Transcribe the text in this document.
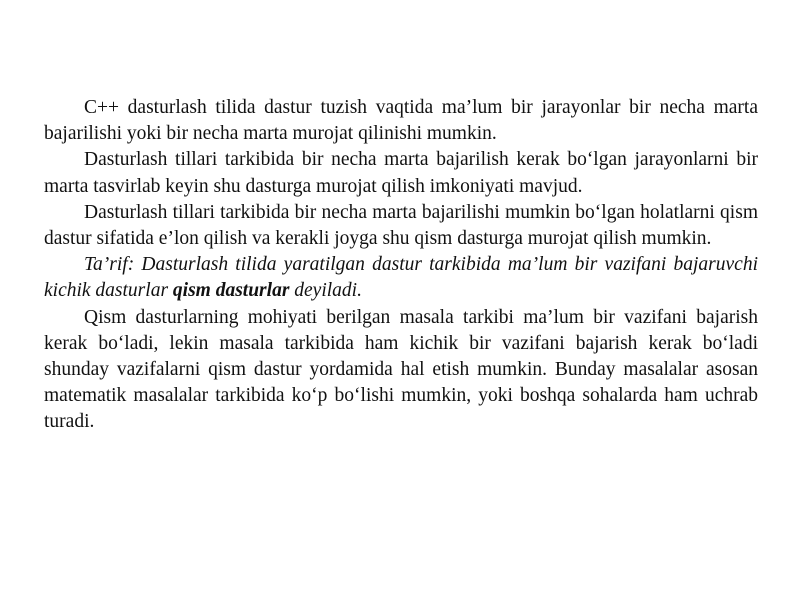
C++ dasturlash tilida dastur tuzish vaqtida ma’lum bir jarayonlar bir necha marta bajarilishi yoki bir necha marta murojat qilinishi mumkin.

Dasturlash tillari tarkibida bir necha marta bajarilish kerak bo‘lgan jarayonlarni bir marta tasvirlab keyin shu dasturga murojat qilish imkoniyati mavjud.

Dasturlash tillari tarkibida bir necha marta bajarilishi mumkin bo‘lgan holatlarni qism dastur sifatida e’lon qilish va kerakli joyga shu qism dasturga murojat qilish mumkin.

Ta’rif: Dasturlash tilida yaratilgan dastur tarkibida ma’lum bir vazifani bajaruvchi kichik dasturlar qism dasturlar deyiladi.

Qism dasturlarning mohiyati berilgan masala tarkibi ma’lum bir vazifani bajarish kerak bo‘ladi, lekin masala tarkibida ham kichik bir vazifani bajarish kerak bo‘ladi shunday vazifalarni qism dastur yordamida hal etish mumkin. Bunday masalalar asosan matematik masalalar tarkibida ko‘p bo‘lishi mumkin, yoki boshqa sohalarda ham uchrab turadi.
